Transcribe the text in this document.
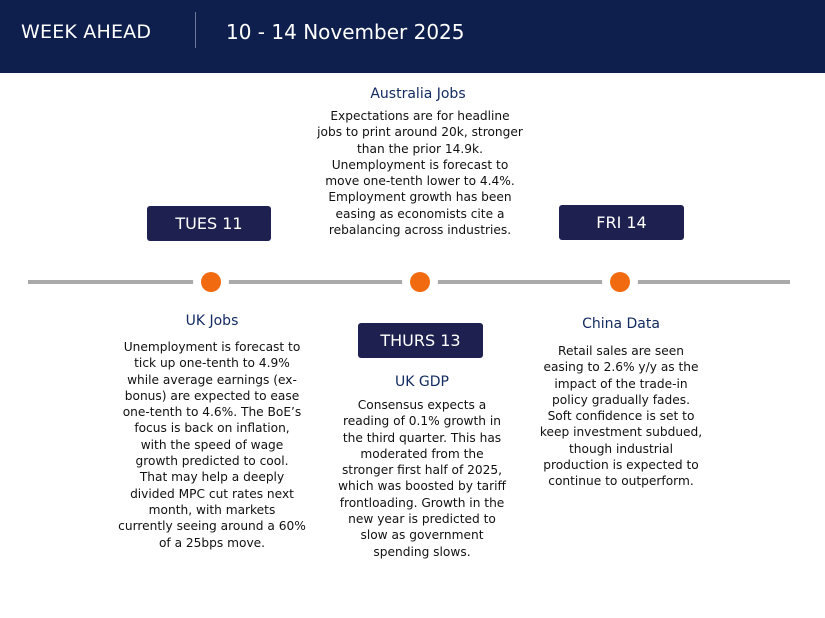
WEEK AHEAD	10 - 14 November 2025
TUES 11
UK Jobs
Unemployment is forecast to
tick up one-tenth to 4.9%
while average earnings (ex-
bonus) are expected to ease
one-tenth to 4.6%. The BoE’s
focus is back on inflation,
with the speed of wage
growth predicted to cool.
That may help a deeply
divided MPC cut rates next
month, with markets
currently seeing around a 60%
of a 25bps move.
Australia Jobs
Expectations are for headline
jobs to print around 20k, stronger
than the prior 14.9k.
Unemployment is forecast to
move one-tenth lower to 4.4%.
Employment growth has been
easing as economists cite a
rebalancing across industries.
THURS 13
UK GDP
Consensus expects a
reading of 0.1% growth in
the third quarter. This has
moderated from the
stronger first half of 2025,
which was boosted by tariff
frontloading. Growth in the
new year is predicted to
slow as government
spending slows.
FRI 14
China Data
Retail sales are seen
easing to 2.6% y/y as the
impact of the trade-in
policy gradually fades.
Soft confidence is set to
keep investment subdued,
though industrial
production is expected to
continue to outperform.
